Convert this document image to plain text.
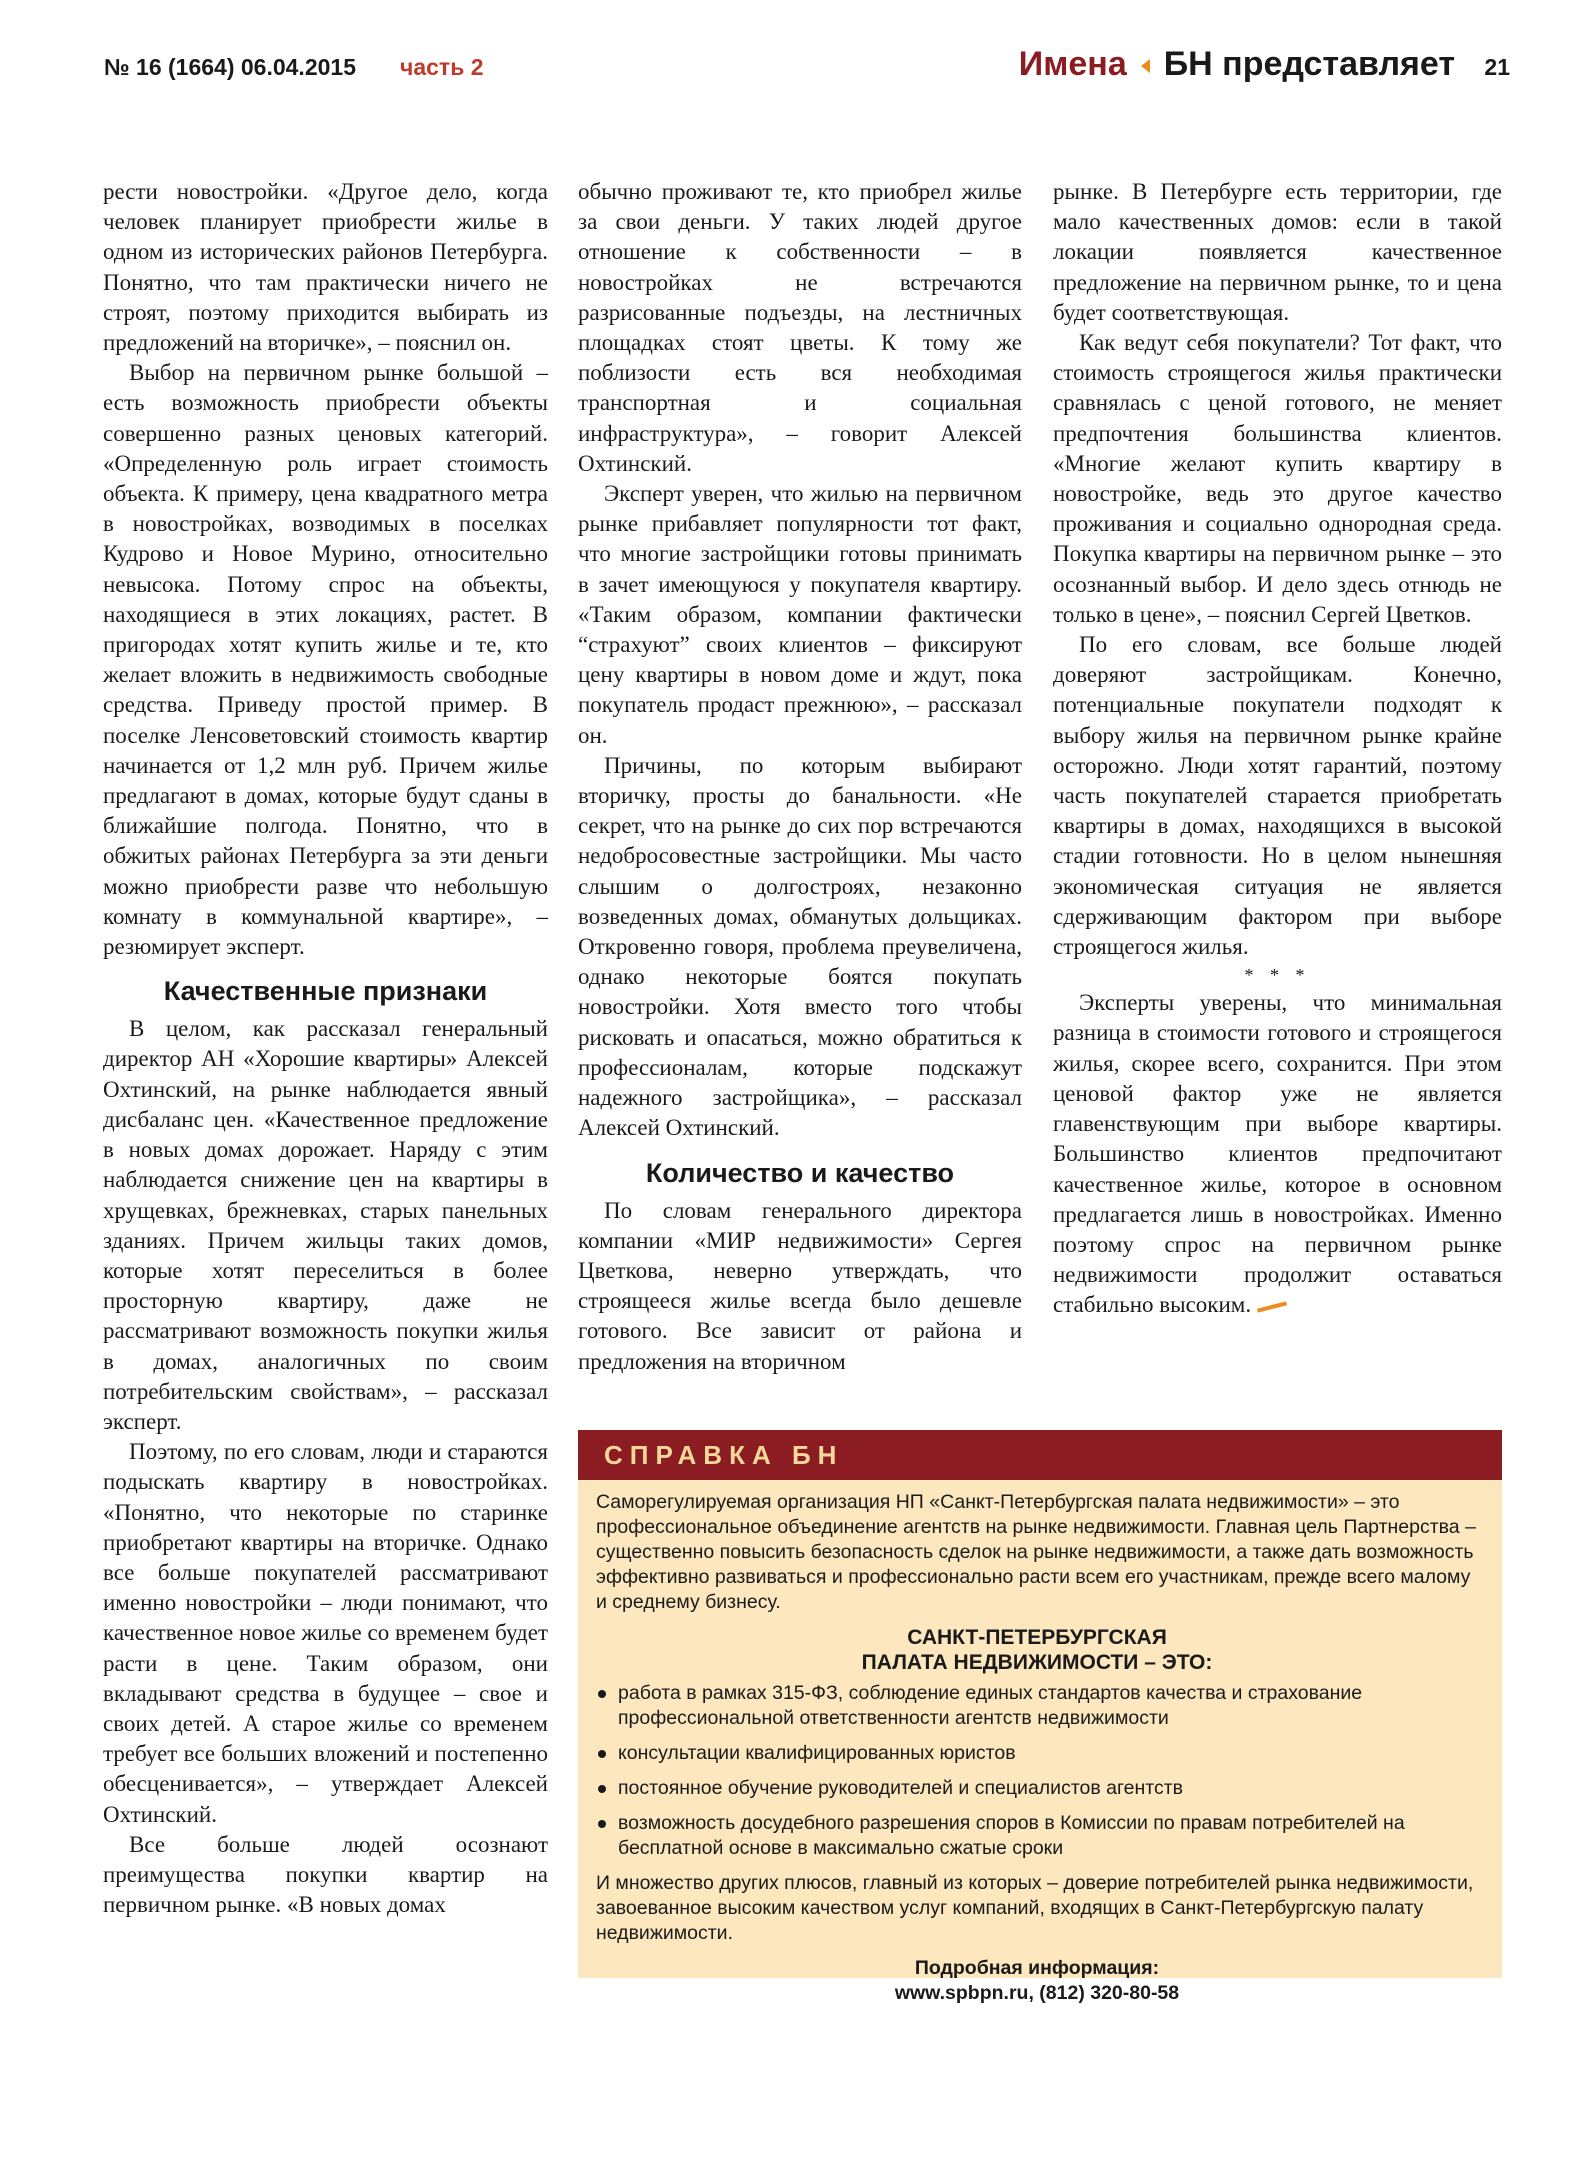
№ 16 (1664) 06.04.2015 часть 2	Имена БН представляет 21

рести новостройки. «Другое дело, когда человек планирует приобрести жилье в одном из исторических районов Петербурга. Понятно, что там практически ничего не строят, поэтому приходится выбирать из предложений на вторичке», – пояснил он.

Выбор на первичном рынке большой – есть возможность приобрести объекты совершенно разных ценовых категорий. «Определенную роль играет стоимость объекта. К примеру, цена квадратного метра в новостройках, возводимых в поселках Кудрово и Новое Мурино, относительно невысока. Потому спрос на объекты, находящиеся в этих локациях, растет. В пригородах хотят купить жилье и те, кто желает вложить в недвижимость свободные средства. Приведу простой пример. В поселке Ленсоветовский стоимость квартир начинается от 1,2 млн руб. Причем жилье предлагают в домах, которые будут сданы в ближайшие полгода. Понятно, что в обжитых районах Петербурга за эти деньги можно приобрести разве что небольшую комнату в коммунальной квартире», – резюмирует эксперт.

Качественные признаки

В целом, как рассказал генеральный директор АН «Хорошие квартиры» Алексей Охтинский, на рынке наблюдается явный дисбаланс цен. «Качественное предложение в новых домах дорожает. Наряду с этим наблюдается снижение цен на квартиры в хрущевках, брежневках, старых панельных зданиях. Причем жильцы таких домов, которые хотят переселиться в более просторную квартиру, даже не рассматривают возможность покупки жилья в домах, аналогичных по своим потребительским свойствам», – рассказал эксперт.

Поэтому, по его словам, люди и стараются подыскать квартиру в новостройках. «Понятно, что некоторые по старинке приобретают квартиры на вторичке. Однако все больше покупателей рассматривают именно новостройки – люди понимают, что качественное новое жилье со временем будет расти в цене. Таким образом, они вкладывают средства в будущее – свое и своих детей. А старое жилье со временем требует все больших вложений и постепенно обесценивается», – утверждает Алексей Охтинский.

Все больше людей осознают преимущества покупки квартир на первичном рынке. «В новых домах

обычно проживают те, кто приобрел жилье за свои деньги. У таких людей другое отношение к собственности – в новостройках не встречаются разрисованные подъезды, на лестничных площадках стоят цветы. К тому же поблизости есть вся необходимая транспортная и социальная инфраструктура», – говорит Алексей Охтинский.

Эксперт уверен, что жилью на первичном рынке прибавляет популярности тот факт, что многие застройщики готовы принимать в зачет имеющуюся у покупателя квартиру. «Таким образом, компании фактически “страхуют” своих клиентов – фиксируют цену квартиры в новом доме и ждут, пока покупатель продаст прежнюю», – рассказал он.

Причины, по которым выбирают вторичку, просты до банальности. «Не секрет, что на рынке до сих пор встречаются недобросовестные застройщики. Мы часто слышим о долгостроях, незаконно возведенных домах, обманутых дольщиках. Откровенно говоря, проблема преувеличена, однако некоторые боятся покупать новостройки. Хотя вместо того чтобы рисковать и опасаться, можно обратиться к профессионалам, которые подскажут надежного застройщика», – рассказал Алексей Охтинский.

Количество и качество

По словам генерального директора компании «МИР недвижимости» Сергея Цветкова, неверно утверждать, что строящееся жилье всегда было дешевле готового. Все зависит от района и предложения на вторичном

рынке. В Петербурге есть территории, где мало качественных домов: если в такой локации появляется качественное предложение на первичном рынке, то и цена будет соответствующая.

Как ведут себя покупатели? Тот факт, что стоимость строящегося жилья практически сравнялась с ценой готового, не меняет предпочтения большинства клиентов. «Многие желают купить квартиру в новостройке, ведь это другое качество проживания и социально однородная среда. Покупка квартиры на первичном рынке – это осознанный выбор. И дело здесь отнюдь не только в цене», – пояснил Сергей Цветков.

По его словам, все больше людей доверяют застройщикам. Конечно, потенциальные покупатели подходят к выбору жилья на первичном рынке крайне осторожно. Люди хотят гарантий, поэтому часть покупателей старается приобретать квартиры в домах, находящихся в высокой стадии готовности. Но в целом нынешняя экономическая ситуация не является сдерживающим фактором при выборе строящегося жилья.

* * *

Эксперты уверены, что минимальная разница в стоимости готового и строящегося жилья, скорее всего, сохранится. При этом ценовой фактор уже не является главенствующим при выборе квартиры. Большинство клиентов предпочитают качественное жилье, которое в основном предлагается лишь в новостройках. Именно поэтому спрос на первичном рынке недвижимости продолжит оставаться стабильно высоким.

СПРАВКА БН

Саморегулируемая организация НП «Санкт-Петербургская палата недвижимости» – это профессиональное объединение агентств на рынке недвижимости. Главная цель Партнерства – существенно повысить безопасность сделок на рынке недвижимости, а также дать возможность эффективно развиваться и профессионально расти всем его участникам, прежде всего малому и среднему бизнесу.

САНКТ-ПЕТЕРБУРГСКАЯ
ПАЛАТА НЕДВИЖИМОСТИ – ЭТО:

работа в рамках 315-ФЗ, соблюдение единых стандартов качества и страхование профессиональной ответственности агентств недвижимости
консультации квалифицированных юристов
постоянное обучение руководителей и специалистов агентств
возможность досудебного разрешения споров в Комиссии по правам потребителей на бесплатной основе в максимально сжатые сроки

И множество других плюсов, главный из которых – доверие потребителей рынка недвижимости, завоеванное высоким качеством услуг компаний, входящих в Санкт-Петербургскую палату недвижимости.

Подробная информация:
www.spbpn.ru, (812) 320-80-58
